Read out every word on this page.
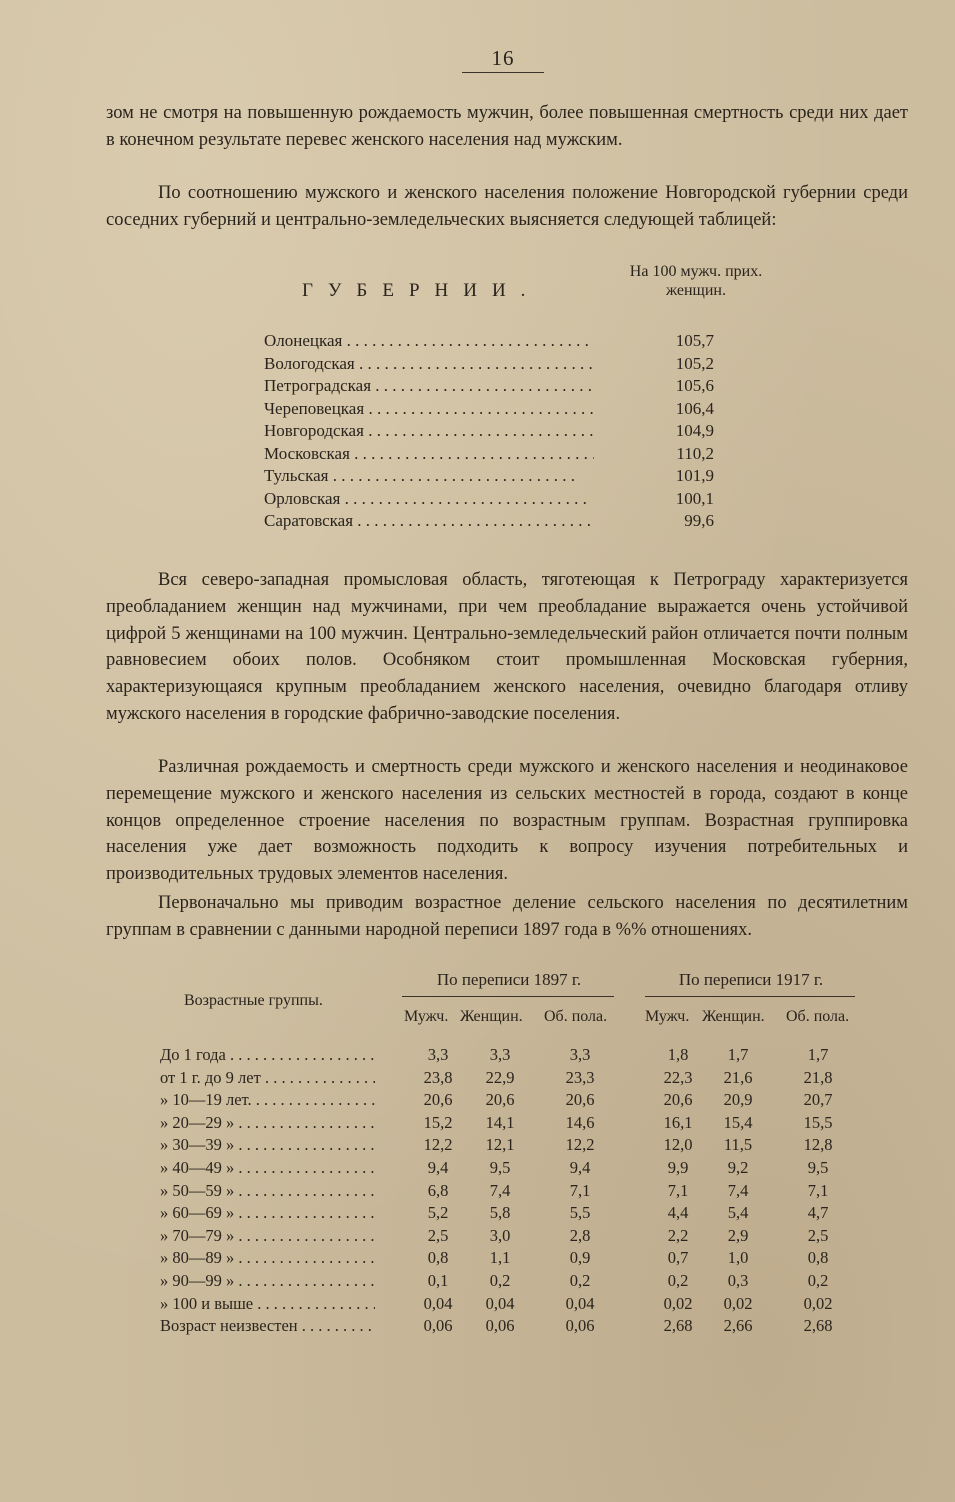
16

зом не смотря на повышенную рождаемость мужчин, более повышенная смертность среди них дает в конечном результате перевес женского населения над мужским.

По соотношению мужского и женского населения положение Новгородской губернии среди соседних губерний и центрально-земледельческих выясняется следующей таблицей:

ГУБЕРНИИ.
На 100 мужч. прих. женщин.
Олонецкая . . .	105,7
Вологодская . . .	105,2
Петроградская . . .	105,6
Череповецкая . . .	106,4
Новгородская . . .	104,9
Московская . . .	110,2
Тульская . . .	101,9
Орловская . . .	100,1
Саратовская . . .	99,6

Вся северо-западная промысловая область, тяготеющая к Петрограду характеризуется преобладанием женщин над мужчинами, при чем преобладание выражается очень устойчивой цифрой 5 женщинами на 100 мужчин. Центрально-земледельческий район отличается почти полным равновесием обоих полов. Особняком стоит промышленная Московская губерния, характеризующаяся крупным преобладанием женского населения, очевидно благодаря отливу мужского населения в городские фабрично-заводские поселения.

Различная рождаемость и смертность среди мужского и женского населения и неодинаковое перемещение мужского и женского населения из сельских местностей в города, создают в конце концов определенное строение населения по возрастным группам. Возрастная группировка населения уже дает возможность подходить к вопросу изучения потребительных и производительных трудовых элементов населения.

Первоначально мы приводим возрастное деление сельского населения по десятилетним группам в сравнении с данными народной переписи 1897 года в %% отношениях.

Возрастные группы.
По переписи 1897 г.	По переписи 1917 г.
Мужч. Женщин. Об. пола. Мужч. Женщин. Об. пола.
До 1 года . . .	3,3	3,3	3,3	1,8	1,7	1,7
от 1 г. до 9 лет . . .	23,8	22,9	23,3	22,3	21,6	21,8
» 10—19 лет. . . .	20,6	20,6	20,6	20,6	20,9	20,7
» 20—29 » . . .	15,2	14,1	14,6	16,1	15,4	15,5
» 30—39 » . . .	12,2	12,1	12,2	12,0	11,5	12,8
» 40—49 » . . .	9,4	9,5	9,4	9,9	9,2	9,5
» 50—59 » . . .	6,8	7,4	7,1	7,1	7,4	7,1
» 60—69 » . . .	5,2	5,8	5,5	4,4	5,4	4,7
» 70—79 » . . .	2,5	3,0	2,8	2,2	2,9	2,5
» 80—89 » . . .	0,8	1,1	0,9	0,7	1,0	0,8
» 90—99 » . . .	0,1	0,2	0,2	0,2	0,3	0,2
» 100 и выше . . .	0,04	0,04	0,04	0,02	0,02	0,02
Возраст неизвестен . . .	0,06	0,06	0,06	2,68	2,66	2,68
